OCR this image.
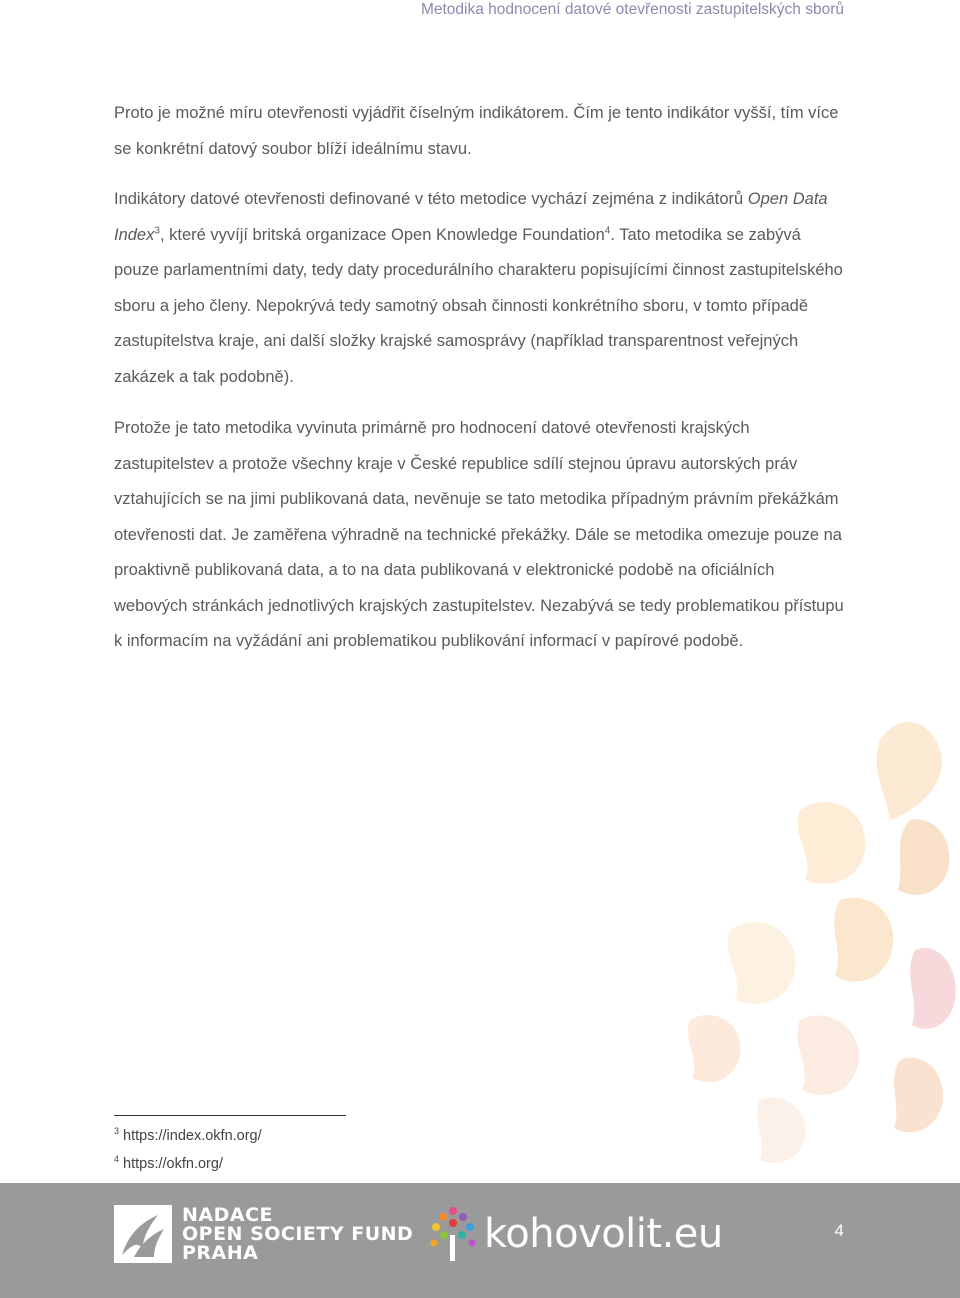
Metodika hodnocení datové otevřenosti zastupitelských sborů

Proto je možné míru otevřenosti vyjádřit číselným indikátorem. Čím je tento indikátor vyšší, tím více se konkrétní datový soubor blíží ideálnímu stavu.

Indikátory datové otevřenosti definované v této metodice vychází zejména z indikátorů Open Data Index$^3$, které vyvíjí britská organizace Open Knowledge Foundation$^4$. Tato metodika se zabývá pouze parlamentními daty, tedy daty procedurálního charakteru popisujícími činnost zastupitelského sboru a jeho členy. Nepokrývá tedy samotný obsah činnosti konkrétního sboru, v tomto případě zastupitelstva kraje, ani další složky krajské samosprávy (například transparentnost veřejných zakázek a tak podobně).

Protože je tato metodika vyvinuta primárně pro hodnocení datové otevřenosti krajských zastupitelstev a protože všechny kraje v České republice sdílí stejnou úpravu autorských práv vztahujících se na jimi publikovaná data, nevěnuje se tato metodika případným právním překážkám otevřenosti dat. Je zaměřena výhradně na technické překážky. Dále se metodika omezuje pouze na proaktivně publikovaná data, a to na data publikovaná v elektronické podobě na oficiálních webových stránkách jednotlivých krajských zastupitelstev. Nezabývá se tedy problematikou přístupu k informacím na vyžádání ani problematikou publikování informací v papírové podobě.

$^3$ https://index.okfn.org/
$^4$ https://okfn.org/
NADACE
OPEN SOCIETY FUND
PRAHA	kohovolit.eu	4
